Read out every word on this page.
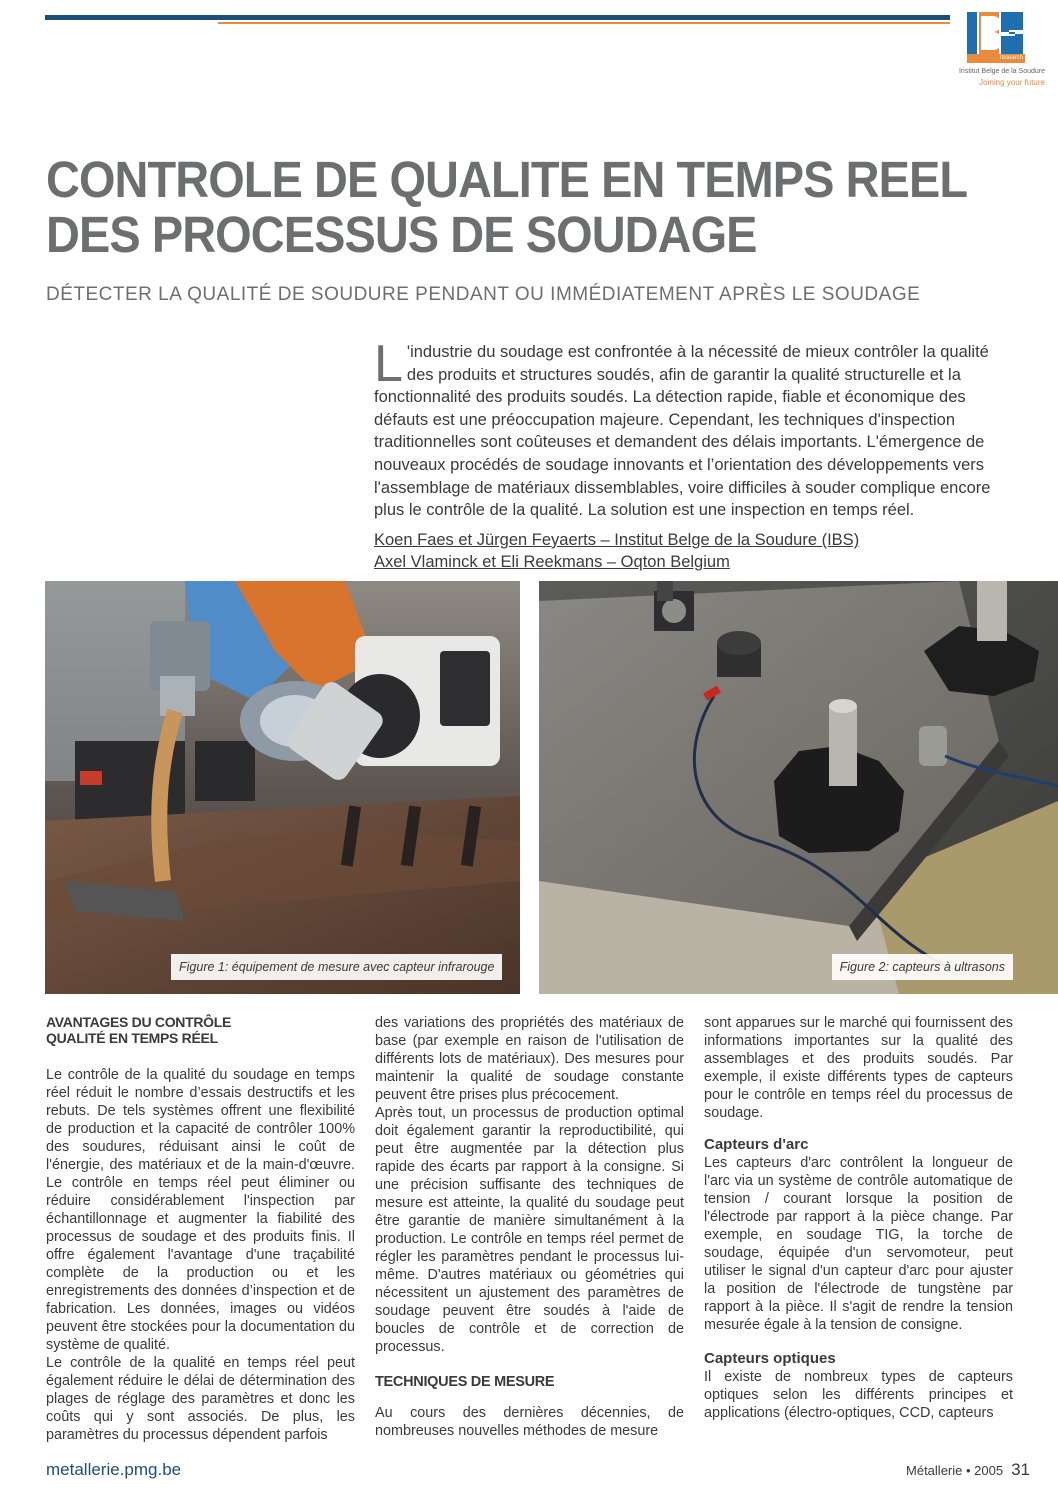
research
Institut Belge de la Soudure
Joining your future
CONTROLE DE QUALITE EN TEMPS REEL
DES PROCESSUS DE SOUDAGE
DÉTECTER LA QUALITÉ DE SOUDURE PENDANT OU IMMÉDIATEMENT APRÈS LE SOUDAGE
L 'industrie du soudage est confrontée à la nécessité de mieux contrôler la qualité des produits et structures soudés, afin de garantir la qualité structurelle et la fonctionnalité des produits soudés. La détection rapide, fiable et économique des défauts est une préoccupation majeure. Cependant, les techniques d'inspection traditionnelles sont coûteuses et demandent des délais importants. L'émergence de nouveaux procédés de soudage innovants et l’orientation des développements vers l'assemblage de matériaux dissemblables, voire difficiles à souder complique encore plus le contrôle de la qualité. La solution est une inspection en temps réel.

Koen Faes et Jürgen Feyaerts – Institut Belge de la Soudure (IBS)
Axel Vlaminck et Eli Reekmans – Oqton Belgium
Figure 1: équipement de mesure avec capteur infrarouge	Figure 2: capteurs à ultrasons
AVANTAGES DU CONTRÔLE
QUALITÉ EN TEMPS RÉEL

Le contrôle de la qualité du soudage en temps réel réduit le nombre d’essais destructifs et les rebuts. De tels systèmes offrent une flexibilité de production et la capacité de contrôler 100% des soudures, réduisant ainsi le coût de l'énergie, des matériaux et de la main-d'œuvre. Le contrôle en temps réel peut éliminer ou réduire considérablement l'inspection par échantillonnage et augmenter la fiabilité des processus de soudage et des produits finis. Il offre également l'avantage d'une traçabilité complète de la production ou et les enregistrements des données d’inspection et de fabrication. Les données, images ou vidéos peuvent être stockées pour la documentation du système de qualité.

Le contrôle de la qualité en temps réel peut également réduire le délai de détermination des plages de réglage des paramètres et donc les coûts qui y sont associés. De plus, les paramètres du processus dépendent parfois

des variations des propriétés des matériaux de base (par exemple en raison de l'utilisation de différents lots de matériaux). Des mesures pour maintenir la qualité de soudage constante peuvent être prises plus précocement.

Après tout, un processus de production optimal doit également garantir la reproductibilité, qui peut être augmentée par la détection plus rapide des écarts par rapport à la consigne. Si une précision suffisante des techniques de mesure est atteinte, la qualité du soudage peut être garantie de manière simultanément à la production. Le contrôle en temps réel permet de régler les paramètres pendant le processus lui-même. D'autres matériaux ou géométries qui nécessitent un ajustement des paramètres de soudage peuvent être soudés à l'aide de boucles de contrôle et de correction de processus.

TECHNIQUES DE MESURE

Au cours des dernières décennies, de nombreuses nouvelles méthodes de mesure

sont apparues sur le marché qui fournissent des informations importantes sur la qualité des assemblages et des produits soudés. Par exemple, il existe différents types de capteurs pour le contrôle en temps réel du processus de soudage.

Capteurs d'arc

Les capteurs d'arc contrôlent la longueur de l'arc via un système de contrôle automatique de tension / courant lorsque la position de l'électrode par rapport à la pièce change. Par exemple, en soudage TIG, la torche de soudage, équipée d'un servomoteur, peut utiliser le signal d'un capteur d'arc pour ajuster la position de l'électrode de tungstène par rapport à la pièce. Il s'agit de rendre la tension mesurée égale à la tension de consigne.

Capteurs optiques

Il existe de nombreux types de capteurs optiques selon les différents principes et applications (électro-optiques, CCD, capteurs

metallerie.pmg.be	Métallerie • 2005 31
